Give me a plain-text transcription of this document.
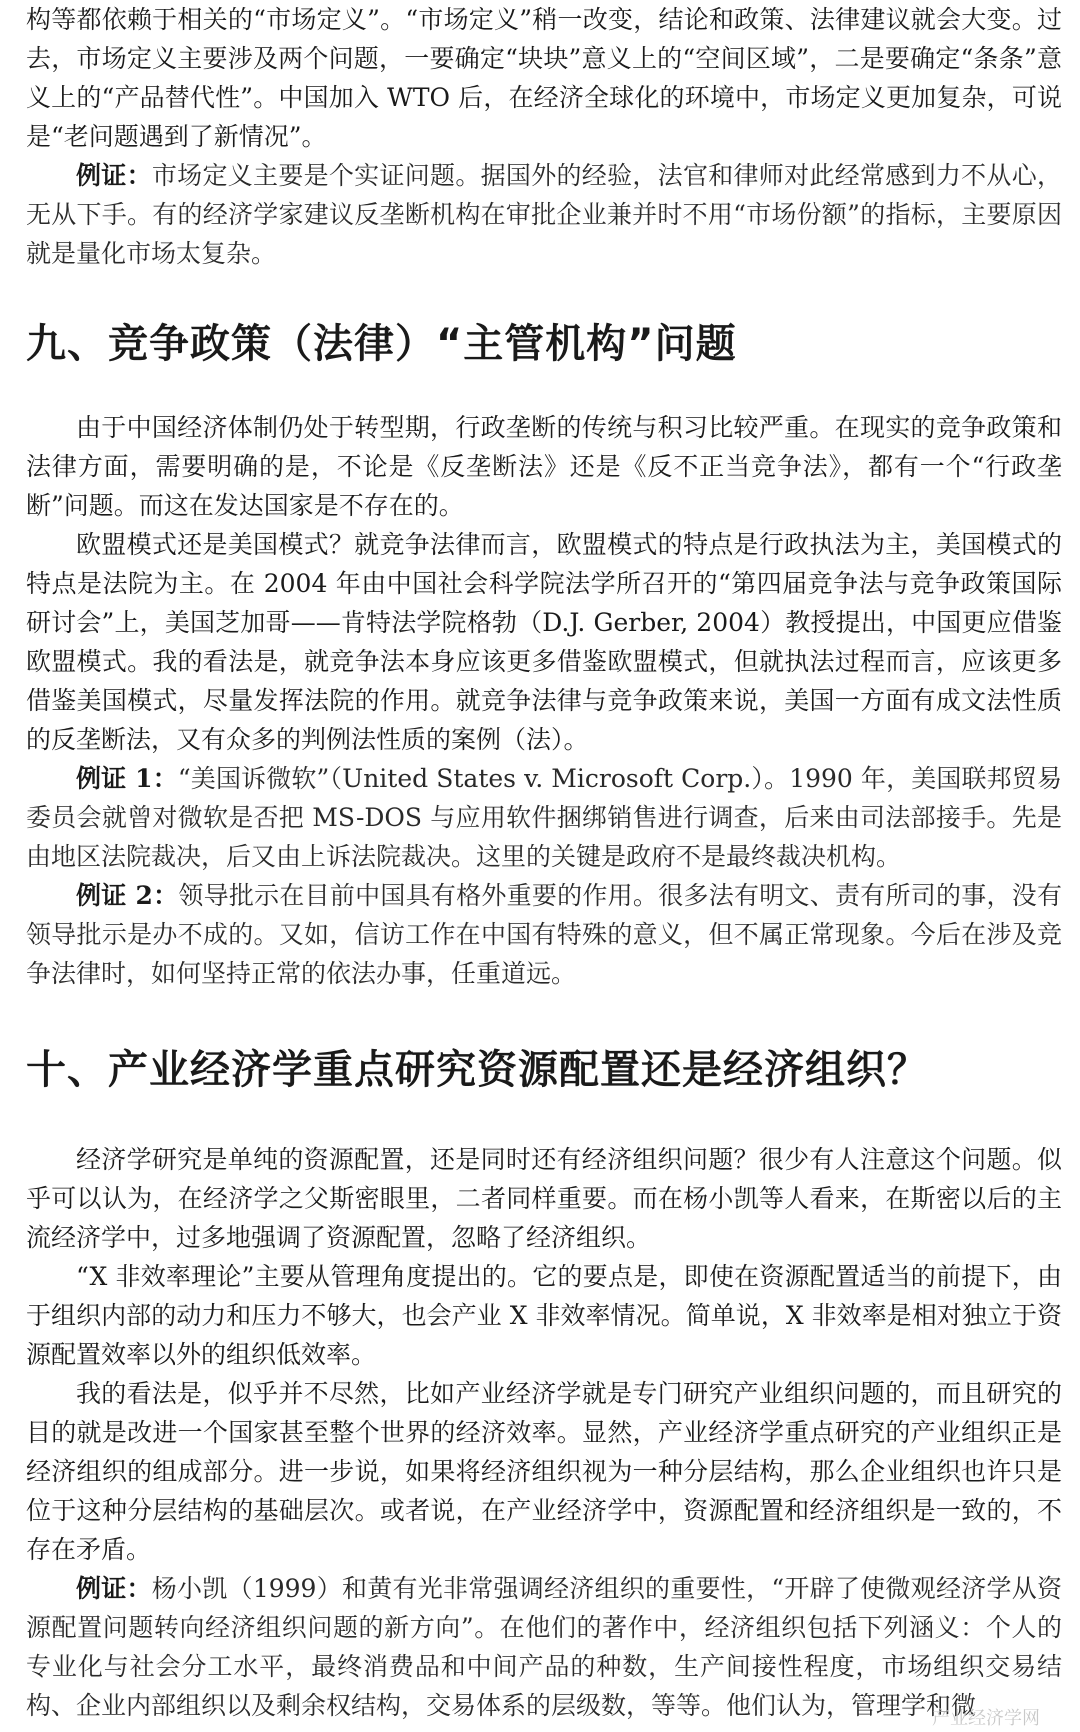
构等都依赖于相关的“市场定义”。“市场定义”稍一改变，结论和政策、法律建议就会大变。过去，市场定义主要涉及两个问题，一要确定“块块”意义上的“空间区域”，二是要确定“条条”意义上的“产品替代性”。中国加入 WTO 后，在经济全球化的环境中，市场定义更加复杂，可说是“老问题遇到了新情况”。

例证：市场定义主要是个实证问题。据国外的经验，法官和律师对此经常感到力不从心，无从下手。有的经济学家建议反垄断机构在审批企业兼并时不用“市场份额”的指标，主要原因就是量化市场太复杂。

九、竞争政策（法律）“主管机构”问题

由于中国经济体制仍处于转型期，行政垄断的传统与积习比较严重。在现实的竞争政策和法律方面，需要明确的是，不论是《反垄断法》还是《反不正当竞争法》，都有一个“行政垄断”问题。而这在发达国家是不存在的。

欧盟模式还是美国模式？就竞争法律而言，欧盟模式的特点是行政执法为主，美国模式的特点是法院为主。在 2004 年由中国社会科学院法学所召开的“第四届竞争法与竞争政策国际研讨会”上，美国芝加哥——肯特法学院格勃（D.J. Gerber, 2004）教授提出，中国更应借鉴欧盟模式。我的看法是，就竞争法本身应该更多借鉴欧盟模式，但就执法过程而言，应该更多借鉴美国模式，尽量发挥法院的作用。就竞争法律与竞争政策来说，美国一方面有成文法性质的反垄断法，又有众多的判例法性质的案例（法）。

例证 1：“美国诉微软”（United States v. Microsoft Corp.）。1990 年，美国联邦贸易委员会就曾对微软是否把 MS-DOS 与应用软件捆绑销售进行调查，后来由司法部接手。先是由地区法院裁决，后又由上诉法院裁决。这里的关键是政府不是最终裁决机构。

例证 2：领导批示在目前中国具有格外重要的作用。很多法有明文、责有所司的事，没有领导批示是办不成的。又如，信访工作在中国有特殊的意义，但不属正常现象。今后在涉及竞争法律时，如何坚持正常的依法办事，任重道远。

十、产业经济学重点研究资源配置还是经济组织？

经济学研究是单纯的资源配置，还是同时还有经济组织问题？很少有人注意这个问题。似乎可以认为，在经济学之父斯密眼里，二者同样重要。而在杨小凯等人看来，在斯密以后的主流经济学中，过多地强调了资源配置，忽略了经济组织。

“X 非效率理论”主要从管理角度提出的。它的要点是，即使在资源配置适当的前提下，由于组织内部的动力和压力不够大，也会产业 X 非效率情况。简单说，X 非效率是相对独立于资源配置效率以外的组织低效率。

我的看法是，似乎并不尽然，比如产业经济学就是专门研究产业组织问题的，而且研究的目的就是改进一个国家甚至整个世界的经济效率。显然，产业经济学重点研究的产业组织正是经济组织的组成部分。进一步说，如果将经济组织视为一种分层结构，那么企业组织也许只是位于这种分层结构的基础层次。或者说，在产业经济学中，资源配置和经济组织是一致的，不存在矛盾。

例证：杨小凯（1999）和黄有光非常强调经济组织的重要性，“开辟了使微观经济学从资源配置问题转向经济组织问题的新方向”。在他们的著作中，经济组织包括下列涵义：个人的专业化与社会分工水平，最终消费品和中间产品的种数，生产间接性程度，市场组织交易结构、企业内部组织以及剩余权结构，交易体系的层级数，等等。他们认为，管理学和微

产业经济学网
